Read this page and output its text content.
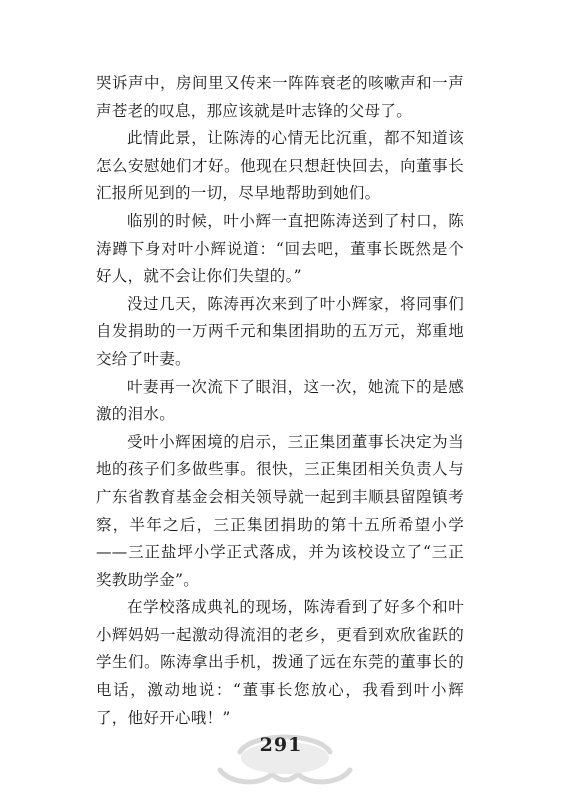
哭诉声中，房间里又传来一阵阵衰老的咳嗽声和一声声苍老的叹息，那应该就是叶志锋的父母了。

此情此景，让陈涛的心情无比沉重，都不知道该怎么安慰她们才好。他现在只想赶快回去，向董事长汇报所见到的一切，尽早地帮助到她们。

临别的时候，叶小辉一直把陈涛送到了村口，陈涛蹲下身对叶小辉说道：“回去吧，董事长既然是个好人，就不会让你们失望的。”

没过几天，陈涛再次来到了叶小辉家，将同事们自发捐助的一万两千元和集团捐助的五万元，郑重地交给了叶妻。

叶妻再一次流下了眼泪，这一次，她流下的是感激的泪水。

受叶小辉困境的启示，三正集团董事长决定为当地的孩子们多做些事。很快，三正集团相关负责人与广东省教育基金会相关领导就一起到丰顺县留隍镇考察，半年之后，三正集团捐助的第十五所希望小学——三正盐坪小学正式落成，并为该校设立了“三正奖教助学金”。

在学校落成典礼的现场，陈涛看到了好多个和叶小辉妈妈一起激动得流泪的老乡，更看到欢欣雀跃的学生们。陈涛拿出手机，拨通了远在东莞的董事长的电话，激动地说：“董事长您放心，我看到叶小辉了，他好开心哦！”

291
